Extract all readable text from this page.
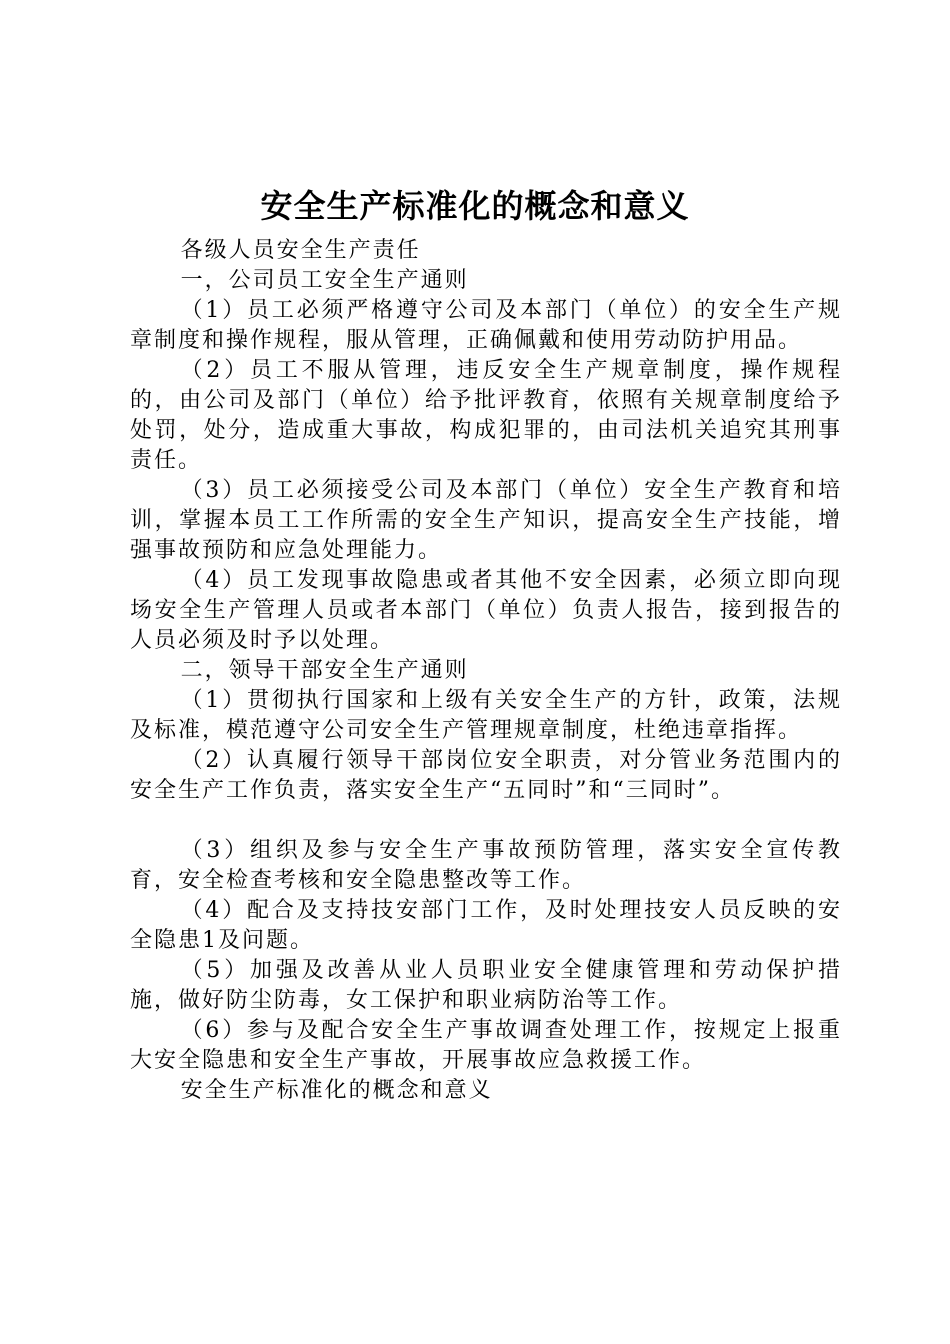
安全生产标准化的概念和意义

各级人员安全生产责任

一，公司员工安全生产通则

（1）员工必须严格遵守公司及本部门（单位）的安全生产规章制度和操作规程，服从管理，正确佩戴和使用劳动防护用品。

（2）员工不服从管理，违反安全生产规章制度，操作规程的，由公司及部门（单位）给予批评教育，依照有关规章制度给予处罚，处分，造成重大事故，构成犯罪的，由司法机关追究其刑事责任。

（3）员工必须接受公司及本部门（单位）安全生产教育和培训，掌握本员工工作所需的安全生产知识，提高安全生产技能，增强事故预防和应急处理能力。

（4）员工发现事故隐患或者其他不安全因素，必须立即向现场安全生产管理人员或者本部门（单位）负责人报告，接到报告的人员必须及时予以处理。

二，领导干部安全生产通则

（1）贯彻执行国家和上级有关安全生产的方针，政策，法规及标准，模范遵守公司安全生产管理规章制度，杜绝违章指挥。

（2）认真履行领导干部岗位安全职责，对分管业务范围内的安全生产工作负责，落实安全生产“五同时”和“三同时”。

（3）组织及参与安全生产事故预防管理，落实安全宣传教育，安全检查考核和安全隐患整改等工作。

（4）配合及支持技安部门工作，及时处理技安人员反映的安全隐患1及问题。

（5）加强及改善从业人员职业安全健康管理和劳动保护措施，做好防尘防毒，女工保护和职业病防治等工作。

（6）参与及配合安全生产事故调查处理工作，按规定上报重大安全隐患和安全生产事故，开展事故应急救援工作。

安全生产标准化的概念和意义
